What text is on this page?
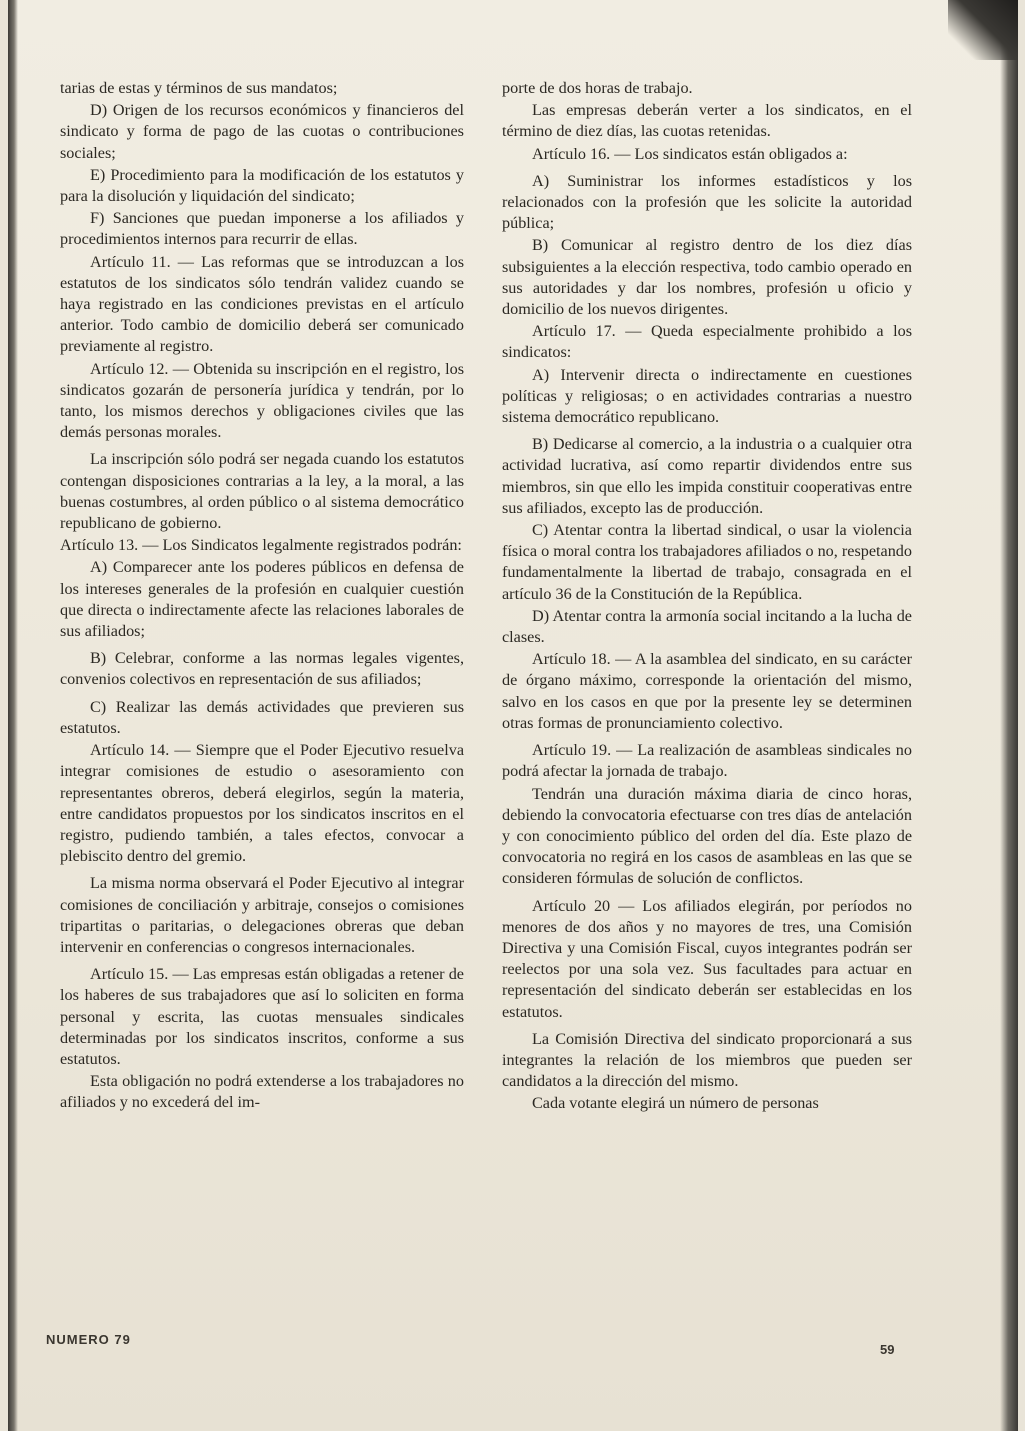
tarias de estas y términos de sus mandatos;

D) Origen de los recursos económicos y financieros del sindicato y forma de pago de las cuotas o contribuciones sociales;

E) Procedimiento para la modificación de los estatutos y para la disolución y liquidación del sindicato;

F) Sanciones que puedan imponerse a los afiliados y procedimientos internos para recurrir de ellas.

Artículo 11. — Las reformas que se introduzcan a los estatutos de los sindicatos sólo tendrán validez cuando se haya registrado en las condiciones previstas en el artículo anterior. Todo cambio de domicilio deberá ser comunicado previamente al registro.

Artículo 12. — Obtenida su inscripción en el registro, los sindicatos gozarán de personería jurídica y tendrán, por lo tanto, los mismos derechos y obligaciones civiles que las demás personas morales.

La inscripción sólo podrá ser negada cuando los estatutos contengan disposiciones contrarias a la ley, a la moral, a las buenas costumbres, al orden público o al sistema democrático republicano de gobierno.

Artículo 13. — Los Sindicatos legalmente registrados podrán:

A) Comparecer ante los poderes públicos en defensa de los intereses generales de la profesión en cualquier cuestión que directa o indirectamente afecte las relaciones laborales de sus afiliados;

B) Celebrar, conforme a las normas legales vigentes, convenios colectivos en representación de sus afiliados;

C) Realizar las demás actividades que previeren sus estatutos.

Artículo 14. — Siempre que el Poder Ejecutivo resuelva integrar comisiones de estudio o asesoramiento con representantes obreros, deberá elegirlos, según la materia, entre candidatos propuestos por los sindicatos inscritos en el registro, pudiendo también, a tales efectos, convocar a plebiscito dentro del gremio.

La misma norma observará el Poder Ejecutivo al integrar comisiones de conciliación y arbitraje, consejos o comisiones tripartitas o paritarias, o delegaciones obreras que deban intervenir en conferencias o congresos internacionales.

Artículo 15. — Las empresas están obligadas a retener de los haberes de sus trabajadores que así lo soliciten en forma personal y escrita, las cuotas mensuales sindicales determinadas por los sindicatos inscritos, conforme a sus estatutos.

Esta obligación no podrá extenderse a los trabajadores no afiliados y no excederá del im-

porte de dos horas de trabajo.

Las empresas deberán verter a los sindicatos, en el término de diez días, las cuotas retenidas.

Artículo 16. — Los sindicatos están obligados a:

A) Suministrar los informes estadísticos y los relacionados con la profesión que les solicite la autoridad pública;

B) Comunicar al registro dentro de los diez días subsiguientes a la elección respectiva, todo cambio operado en sus autoridades y dar los nombres, profesión u oficio y domicilio de los nuevos dirigentes.

Artículo 17. — Queda especialmente prohibido a los sindicatos:

A) Intervenir directa o indirectamente en cuestiones políticas y religiosas; o en actividades contrarias a nuestro sistema democrático republicano.

B) Dedicarse al comercio, a la industria o a cualquier otra actividad lucrativa, así como repartir dividendos entre sus miembros, sin que ello les impida constituir cooperativas entre sus afiliados, excepto las de producción.

C) Atentar contra la libertad sindical, o usar la violencia física o moral contra los trabajadores afiliados o no, respetando fundamentalmente la libertad de trabajo, consagrada en el artículo 36 de la Constitución de la República.

D) Atentar contra la armonía social incitando a la lucha de clases.

Artículo 18. — A la asamblea del sindicato, en su carácter de órgano máximo, corresponde la orientación del mismo, salvo en los casos en que por la presente ley se determinen otras formas de pronunciamiento colectivo.

Artículo 19. — La realización de asambleas sindicales no podrá afectar la jornada de trabajo.

Tendrán una duración máxima diaria de cinco horas, debiendo la convocatoria efectuarse con tres días de antelación y con conocimiento público del orden del día. Este plazo de convocatoria no regirá en los casos de asambleas en las que se consideren fórmulas de solución de conflictos.

Artículo 20 — Los afiliados elegirán, por períodos no menores de dos años y no mayores de tres, una Comisión Directiva y una Comisión Fiscal, cuyos integrantes podrán ser reelectos por una sola vez. Sus facultades para actuar en representación del sindicato deberán ser establecidas en los estatutos.

La Comisión Directiva del sindicato proporcionará a sus integrantes la relación de los miembros que pueden ser candidatos a la dirección del mismo.

Cada votante elegirá un número de personas

NUMERO 79
59
